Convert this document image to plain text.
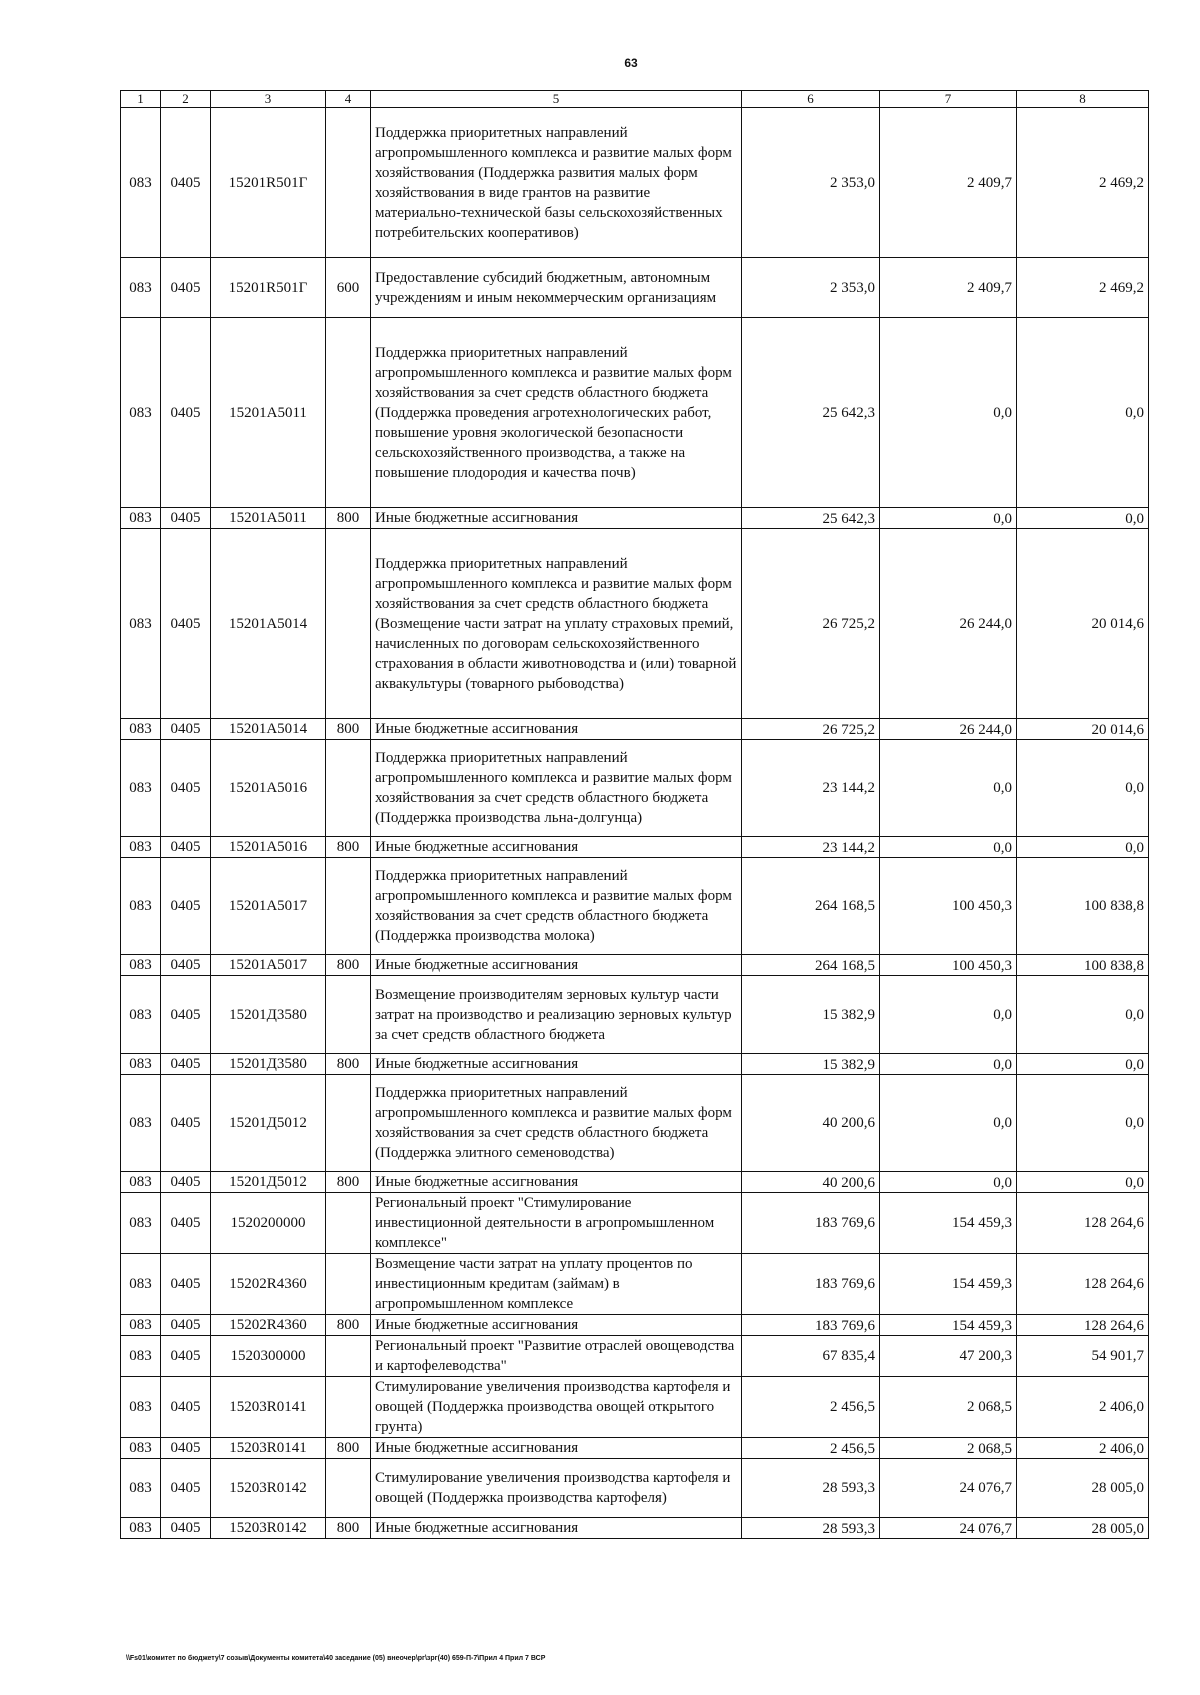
63
1	2	3	4	5	6	7	8
083	0405	15201R501Г		Поддержка приоритетных направлений агропромышленного комплекса и развитие малых форм хозяйствования (Поддержка развития малых форм хозяйствования в виде грантов на развитие материально-технической базы сельскохозяйственных потребительских кооперативов)	2 353,0	2 409,7	2 469,2
083	0405	15201R501Г	600	Предоставление субсидий бюджетным, автономным учреждениям и иным некоммерческим организациям	2 353,0	2 409,7	2 469,2
083	0405	15201А5011		Поддержка приоритетных направлений агропромышленного комплекса и развитие малых форм хозяйствования за счет средств областного бюджета (Поддержка проведения агротехнологических работ, повышение уровня экологической безопасности сельскохозяйственного производства, а также на повышение плодородия и качества почв)	25 642,3	0,0	0,0
083	0405	15201А5011	800	Иные бюджетные ассигнования	25 642,3	0,0	0,0
083	0405	15201А5014		Поддержка приоритетных направлений агропромышленного комплекса и развитие малых форм хозяйствования за счет средств областного бюджета (Возмещение части затрат на уплату страховых премий, начисленных по договорам сельскохозяйственного страхования в области животноводства и (или) товарной аквакультуры (товарного рыбоводства)	26 725,2	26 244,0	20 014,6
083	0405	15201А5014	800	Иные бюджетные ассигнования	26 725,2	26 244,0	20 014,6
083	0405	15201А5016		Поддержка приоритетных направлений агропромышленного комплекса и развитие малых форм хозяйствования за счет средств областного бюджета (Поддержка производства льна-долгунца)	23 144,2	0,0	0,0
083	0405	15201А5016	800	Иные бюджетные ассигнования	23 144,2	0,0	0,0
083	0405	15201А5017		Поддержка приоритетных направлений агропромышленного комплекса и развитие малых форм хозяйствования за счет средств областного бюджета (Поддержка производства молока)	264 168,5	100 450,3	100 838,8
083	0405	15201А5017	800	Иные бюджетные ассигнования	264 168,5	100 450,3	100 838,8
083	0405	15201Д3580		Возмещение производителям зерновых культур части затрат на производство и реализацию зерновых культур за счет средств областного бюджета	15 382,9	0,0	0,0
083	0405	15201Д3580	800	Иные бюджетные ассигнования	15 382,9	0,0	0,0
083	0405	15201Д5012		Поддержка приоритетных направлений агропромышленного комплекса и развитие малых форм хозяйствования за счет средств областного бюджета (Поддержка элитного семеноводства)	40 200,6	0,0	0,0
083	0405	15201Д5012	800	Иные бюджетные ассигнования	40 200,6	0,0	0,0
083	0405	1520200000		Региональный проект "Стимулирование инвестиционной деятельности в агропромышленном комплексе"	183 769,6	154 459,3	128 264,6
083	0405	15202R4360		Возмещение части затрат на уплату процентов по инвестиционным кредитам (займам) в агропромышленном комплексе	183 769,6	154 459,3	128 264,6
083	0405	15202R4360	800	Иные бюджетные ассигнования	183 769,6	154 459,3	128 264,6
083	0405	1520300000		Региональный проект "Развитие отраслей овощеводства и картофелеводства"	67 835,4	47 200,3	54 901,7
083	0405	15203R0141		Стимулирование увеличения производства картофеля и овощей (Поддержка производства овощей открытого грунта)	2 456,5	2 068,5	2 406,0
083	0405	15203R0141	800	Иные бюджетные ассигнования	2 456,5	2 068,5	2 406,0
083	0405	15203R0142		Стимулирование увеличения производства картофеля и овощей (Поддержка производства картофеля)	28 593,3	24 076,7	28 005,0
083	0405	15203R0142	800	Иные бюджетные ассигнования	28 593,3	24 076,7	28 005,0
\\Fs01\комитет по бюджету\7 созыв\Документы комитета\40 заседание (05) внеочер\рг\зрг(40) 659-П-7\Прил 4 Прил 7 ВСР
